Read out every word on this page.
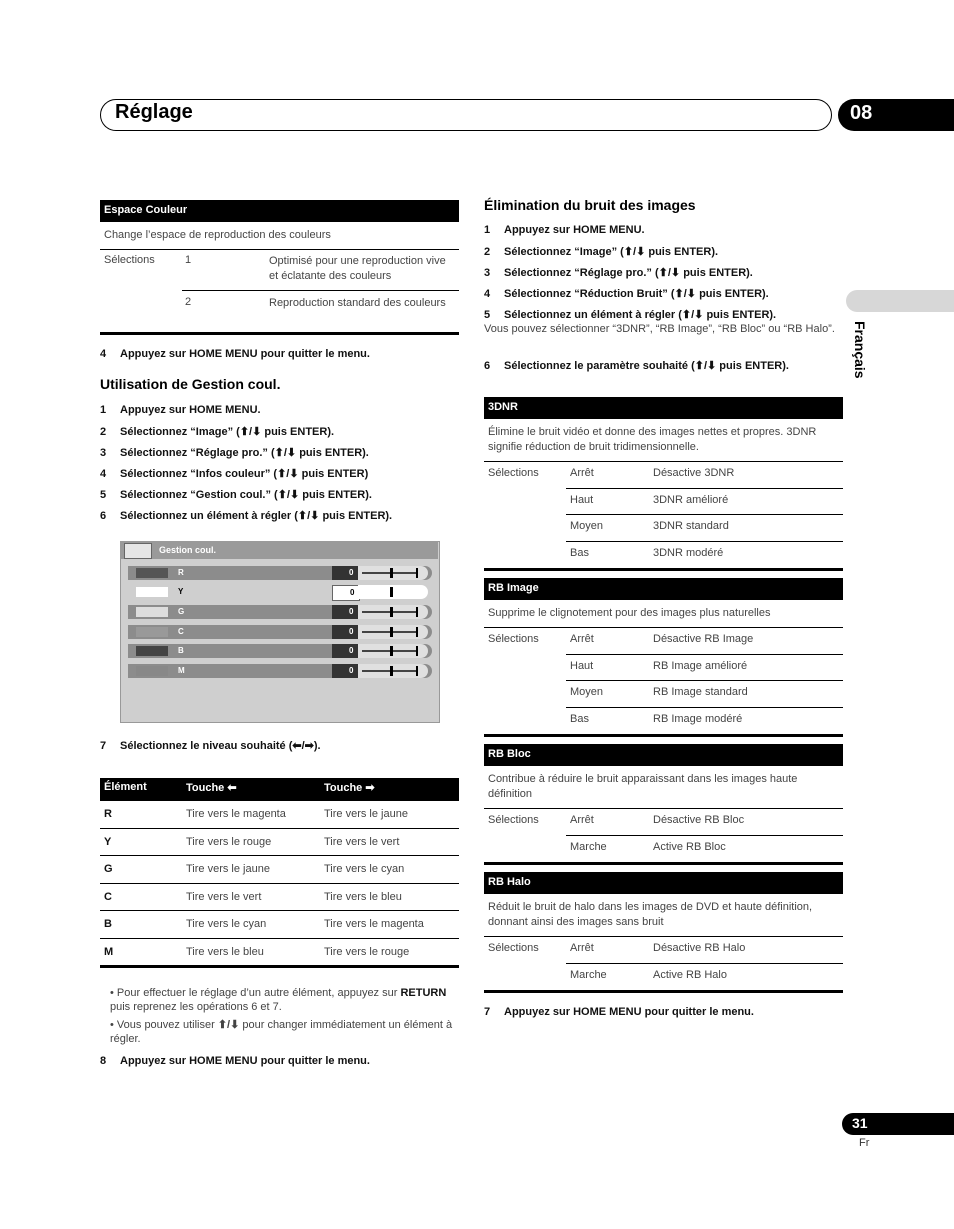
Réglage	08
Français
Espace Couleur
Change l’espace de reproduction des couleurs
Sélections	1	Optimisé pour une reproduction vive et éclatante des couleurs
2	Reproduction standard des couleurs
4 Appuyez sur HOME MENU pour quitter le menu.
Utilisation de Gestion coul.
1 Appuyez sur HOME MENU.
2 Sélectionnez “Image” (⬆/⬇ puis ENTER).
3 Sélectionnez “Réglage pro.” (⬆/⬇ puis ENTER).
4 Sélectionnez “Infos couleur” (⬆/⬇ puis ENTER)
5 Sélectionnez “Gestion coul.” (⬆/⬇ puis ENTER).
6 Sélectionnez un élément à régler (⬆/⬇ puis ENTER).
Gestion coul.
R	0
Y	0
G	0
C	0
B	0
M	0
7 Sélectionnez le niveau souhaité (⬅/➡).
Élément	Touche ⬅	Touche ➡
R	Tire vers le magenta	Tire vers le jaune
Y	Tire vers le rouge	Tire vers le vert
G	Tire vers le jaune	Tire vers le cyan
C	Tire vers le vert	Tire vers le bleu
B	Tire vers le cyan	Tire vers le magenta
M	Tire vers le bleu	Tire vers le rouge
• Pour effectuer le réglage d’un autre élément, appuyez sur RETURN puis reprenez les opérations 6 et 7.
• Vous pouvez utiliser ⬆/⬇ pour changer immédiatement un élément à régler.
8 Appuyez sur HOME MENU pour quitter le menu.
Élimination du bruit des images
1 Appuyez sur HOME MENU.
2 Sélectionnez “Image” (⬆/⬇ puis ENTER).
3 Sélectionnez “Réglage pro.” (⬆/⬇ puis ENTER).
4 Sélectionnez “Réduction Bruit” (⬆/⬇ puis ENTER).
5 Sélectionnez un élément à régler (⬆/⬇ puis ENTER).
Vous pouvez sélectionner “3DNR”, “RB Image”, “RB Bloc” ou “RB Halo”.
6 Sélectionnez le paramètre souhaité (⬆/⬇ puis ENTER).
3DNR
Élimine le bruit vidéo et donne des images nettes et propres. 3DNR signifie réduction de bruit tridimensionnelle.
Sélections	Arrêt	Désactive 3DNR
Haut	3DNR amélioré
Moyen	3DNR standard
Bas	3DNR modéré
RB Image
Supprime le clignotement pour des images plus naturelles
Sélections	Arrêt	Désactive RB Image
Haut	RB Image amélioré
Moyen	RB Image standard
Bas	RB Image modéré
RB Bloc
Contribue à réduire le bruit apparaissant dans les images haute définition
Sélections	Arrêt	Désactive RB Bloc
Marche	Active RB Bloc
RB Halo
Réduit le bruit de halo dans les images de DVD et haute définition, donnant ainsi des images sans bruit
Sélections	Arrêt	Désactive RB Halo
Marche	Active RB Halo
7 Appuyez sur HOME MENU pour quitter le menu.
31
Fr
